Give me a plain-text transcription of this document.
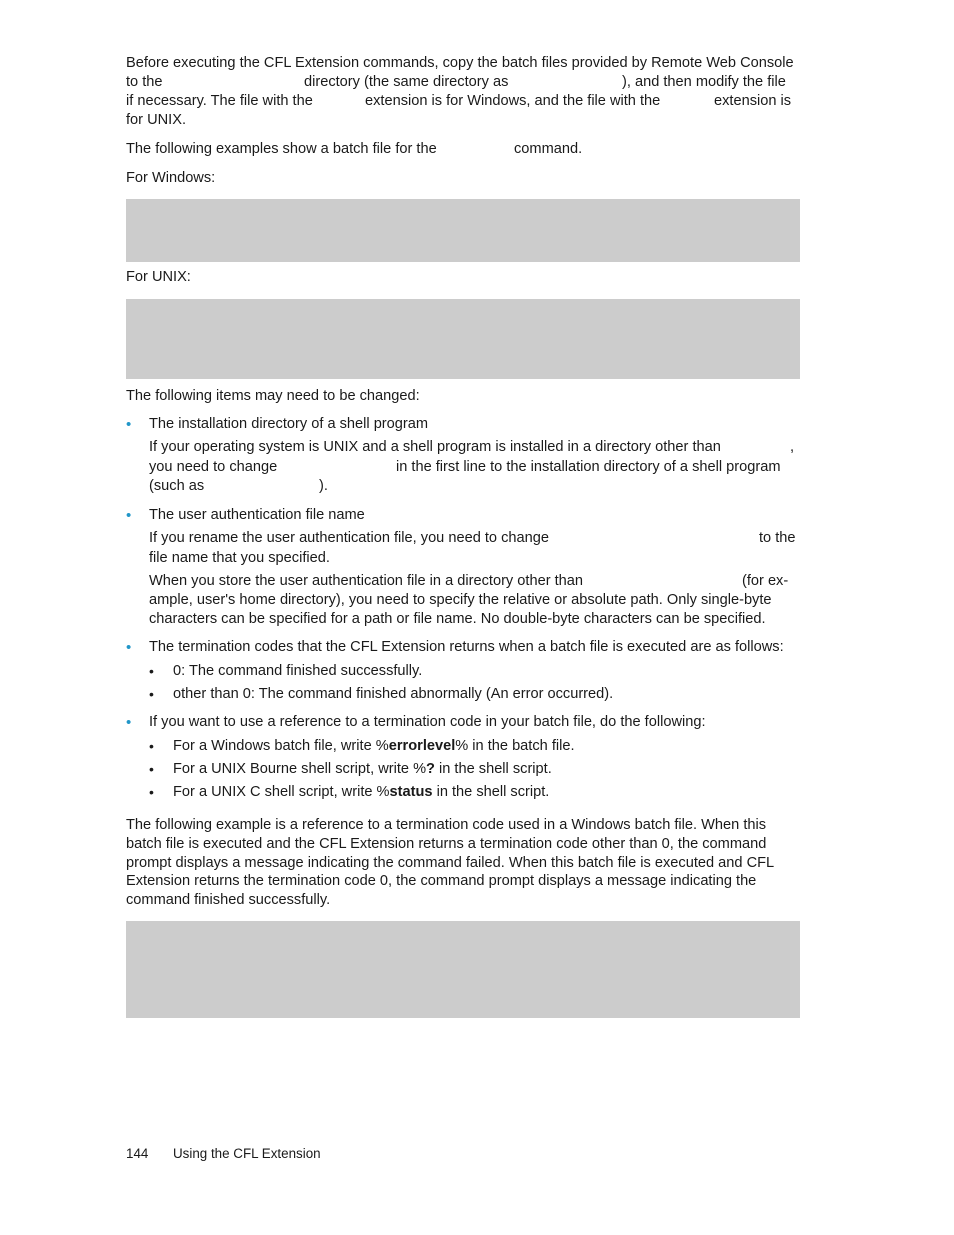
Before executing the CFL Extension commands, copy the batch files provided by Remote Web Console
to the	directory (the same directory as	), and then modify the file
if necessary. The file with the	extension is for Windows, and the file with the	extension is
for UNIX.
The following examples show a batch file for the	command.
For Windows:
For UNIX:
The following items may need to be changed:
• The installation directory of a shell program
If your operating system is UNIX and a shell program is installed in a directory other than	,
you need to change	in the first line to the installation directory of a shell program
(such as	).
• The user authentication file name
If you rename the user authentication file, you need to change	to the
file name that you specified.
When you store the user authentication file in a directory other than	(for ex-
ample, user's home directory), you need to specify the relative or absolute path. Only single-byte
characters can be specified for a path or file name. No double-byte characters can be specified.
• The termination codes that the CFL Extension returns when a batch file is executed are as follows:
• 0: The command finished successfully.
• other than 0: The command finished abnormally (An error occurred).
• If you want to use a reference to a termination code in your batch file, do the following:
• For a Windows batch file, write %errorlevel% in the batch file.
• For a UNIX Bourne shell script, write %? in the shell script.
• For a UNIX C shell script, write %status in the shell script.
The following example is a reference to a termination code used in a Windows batch file. When this
batch file is executed and the CFL Extension returns a termination code other than 0, the command
prompt displays a message indicating the command failed. When this batch file is executed and CFL
Extension returns the termination code 0, the command prompt displays a message indicating the
command finished successfully.
144 Using the CFL Extension
